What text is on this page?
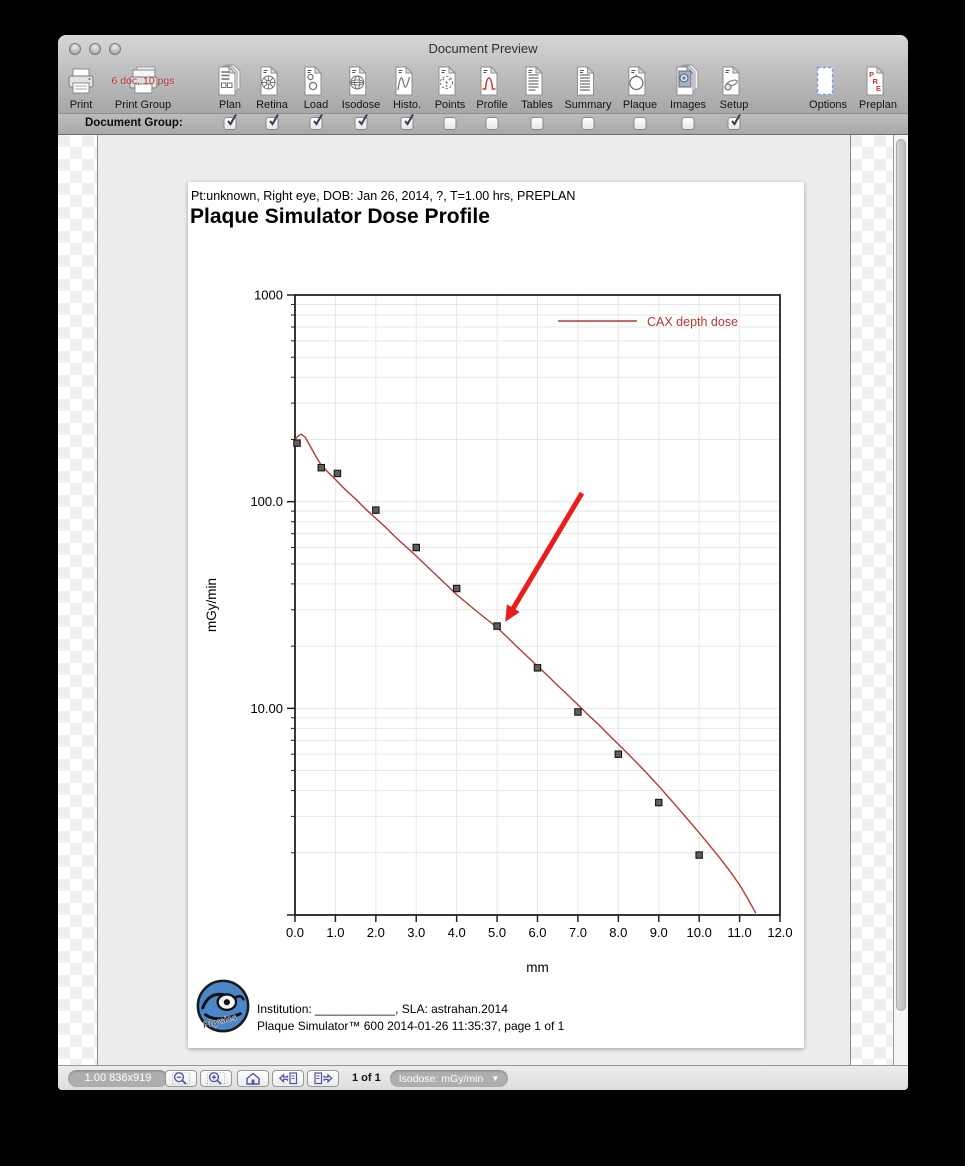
Document Preview
Print
6 doc, 10 pgs
Print Group	Plan	Retina	Load	Isodose Histo. Points Profile Tables Summary Plaque Images Setup	Options
P
R
E
Preplan
Document Group:
Pt:unknown, Right eye, DOB: Jan 26, 2014, ?, T=1.00 hrs, PREPLAN
Plaque Simulator Dose Profile
1000
100.0
10.00
0.0 1.0 2.0 3.0 4.0 5.0 6.0 7.0 8.0 9.0 10.0 11.0 12.0
mGy/min
mm
CAX depth dose
Physics
Institution: ____________, SLA: astrahan.2014
Plaque Simulator™ 600 2014-01-26 11:35:37, page 1 of 1
1.00 836x919	1 of 1	Isodose: mGy/min ▼
